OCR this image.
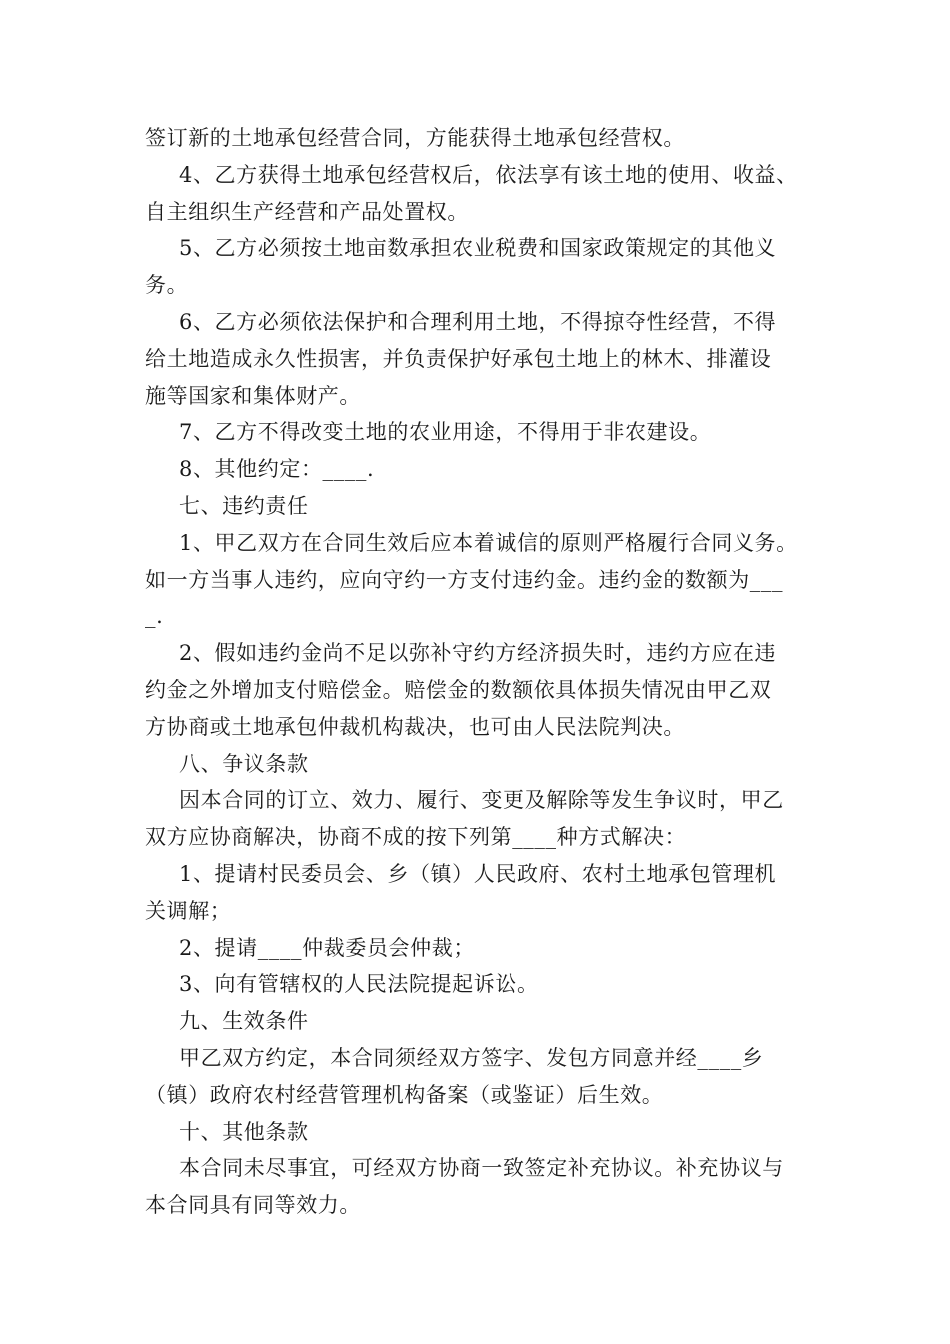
签订新的土地承包经营合同，方能获得土地承包经营权。
4、乙方获得土地承包经营权后，依法享有该土地的使用、收益、
自主组织生产经营和产品处置权。
5、乙方必须按土地亩数承担农业税费和国家政策规定的其他义
务。
6、乙方必须依法保护和合理利用土地，不得掠夺性经营，不得
给土地造成永久性损害，并负责保护好承包土地上的林木、排灌设
施等国家和集体财产。
7、乙方不得改变土地的农业用途，不得用于非农建设。
8、其他约定：____.
七、违约责任
1、甲乙双方在合同生效后应本着诚信的原则严格履行合同义务。
如一方当事人违约，应向守约一方支付违约金。违约金的数额为___
_.
2、假如违约金尚不足以弥补守约方经济损失时，违约方应在违
约金之外增加支付赔偿金。赔偿金的数额依具体损失情况由甲乙双
方协商或土地承包仲裁机构裁决，也可由人民法院判决。
八、争议条款
因本合同的订立、效力、履行、变更及解除等发生争议时，甲乙
双方应协商解决，协商不成的按下列第____种方式解决：
1、提请村民委员会、乡（镇）人民政府、农村土地承包管理机
关调解；
2、提请____仲裁委员会仲裁；
3、向有管辖权的人民法院提起诉讼。
九、生效条件
甲乙双方约定，本合同须经双方签字、发包方同意并经____乡
（镇）政府农村经营管理机构备案（或鉴证）后生效。
十、其他条款
本合同未尽事宜，可经双方协商一致签定补充协议。补充协议与
本合同具有同等效力。
